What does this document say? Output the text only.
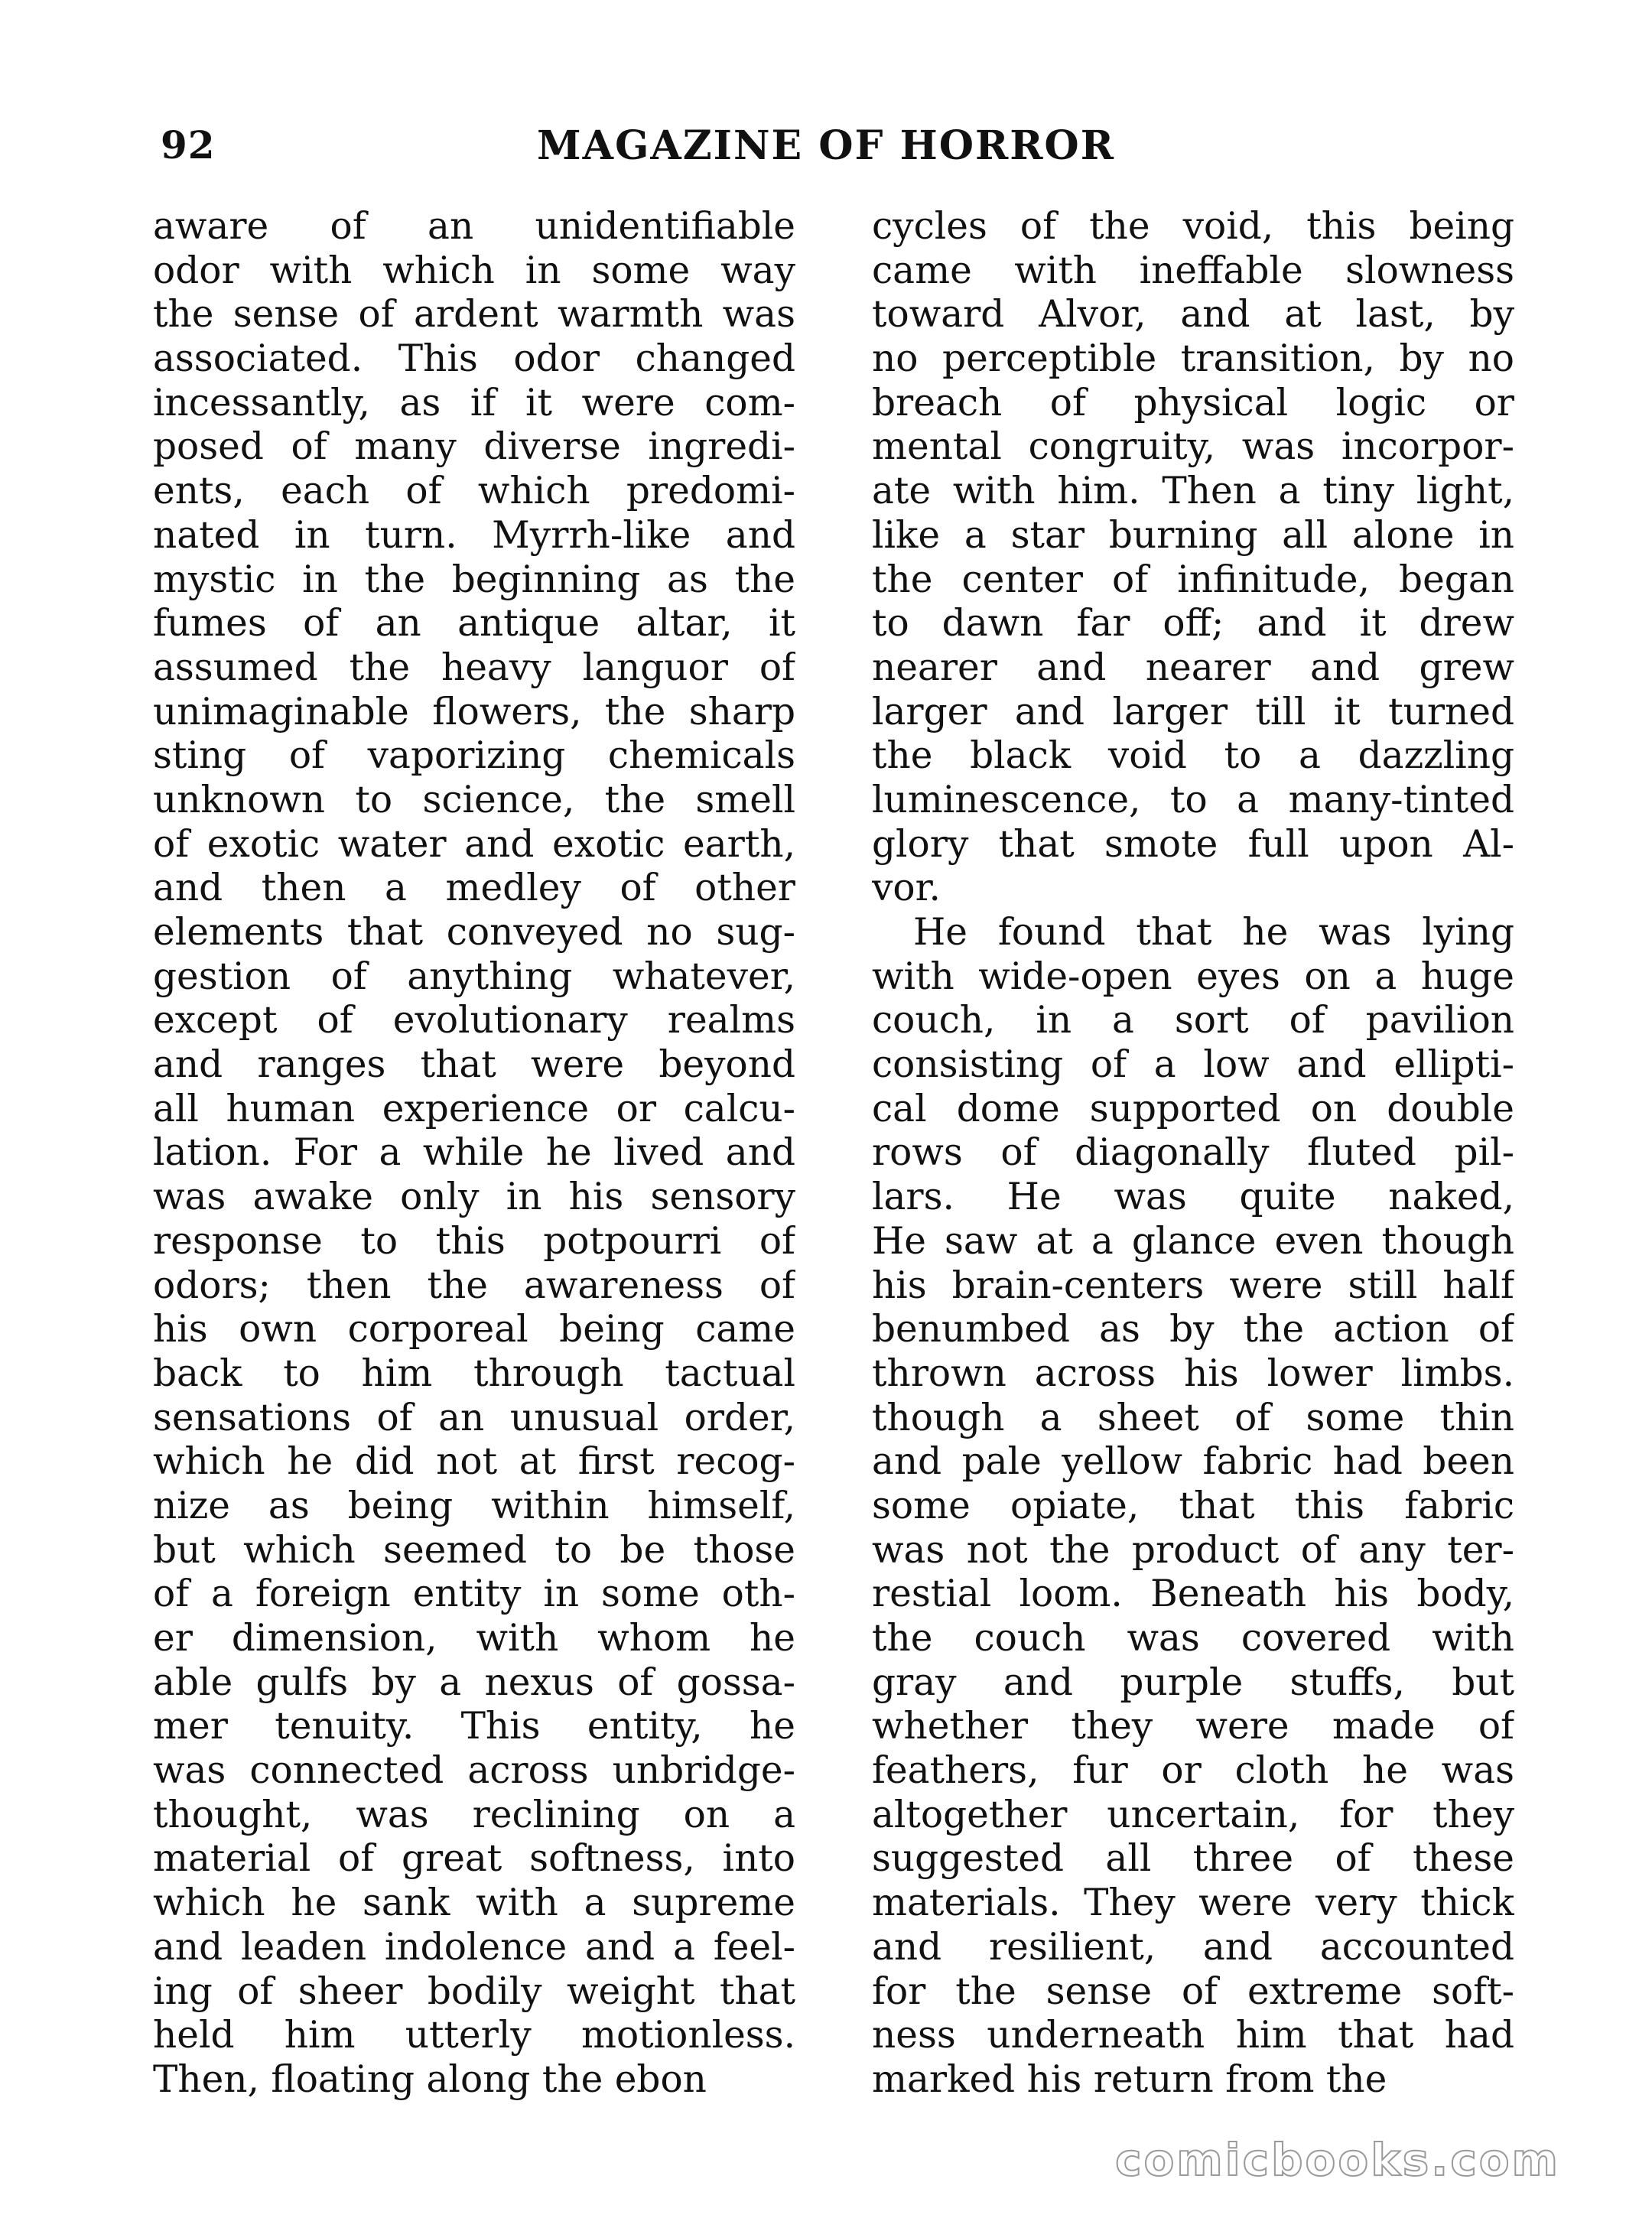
92	MAGAZINE OF HORROR
aware of an unidentifiable
odor with which in some way
the sense of ardent warmth was
associated. This odor changed
incessantly, as if it were com-
posed of many diverse ingredi-
ents, each of which predomi-
nated in turn. Myrrh-like and
mystic in the beginning as the
fumes of an antique altar, it
assumed the heavy languor of
unimaginable flowers, the sharp
sting of vaporizing chemicals
unknown to science, the smell
of exotic water and exotic earth,
and then a medley of other
elements that conveyed no sug-
gestion of anything whatever,
except of evolutionary realms
and ranges that were beyond
all human experience or calcu-
lation. For a while he lived and
was awake only in his sensory
response to this potpourri of
odors; then the awareness of
his own corporeal being came
back to him through tactual
sensations of an unusual order,
which he did not at first recog-
nize as being within himself,
but which seemed to be those
of a foreign entity in some oth-
er dimension, with whom he
able gulfs by a nexus of gossa-
mer tenuity. This entity, he
was connected across unbridge-
thought, was reclining on a
material of great softness, into
which he sank with a supreme
and leaden indolence and a feel-
ing of sheer bodily weight that
held him utterly motionless.
Then, floating along the ebon
cycles of the void, this being
came with ineffable slowness
toward Alvor, and at last, by
no perceptible transition, by no
breach of physical logic or
mental congruity, was incorpor-
ate with him. Then a tiny light,
like a star burning all alone in
the center of infinitude, began
to dawn far off; and it drew
nearer and nearer and grew
larger and larger till it turned
the black void to a dazzling
luminescence, to a many-tinted
glory that smote full upon Al-
vor.
He found that he was lying
with wide-open eyes on a huge
couch, in a sort of pavilion
consisting of a low and ellipti-
cal dome supported on double
rows of diagonally fluted pil-
lars. He was quite naked,
He saw at a glance even though
his brain-centers were still half
benumbed as by the action of
thrown across his lower limbs.
though a sheet of some thin
and pale yellow fabric had been
some opiate, that this fabric
was not the product of any ter-
restial loom. Beneath his body,
the couch was covered with
gray and purple stuffs, but
whether they were made of
feathers, fur or cloth he was
altogether uncertain, for they
suggested all three of these
materials. They were very thick
and resilient, and accounted
for the sense of extreme soft-
ness underneath him that had
marked his return from the
comicbooks.com
